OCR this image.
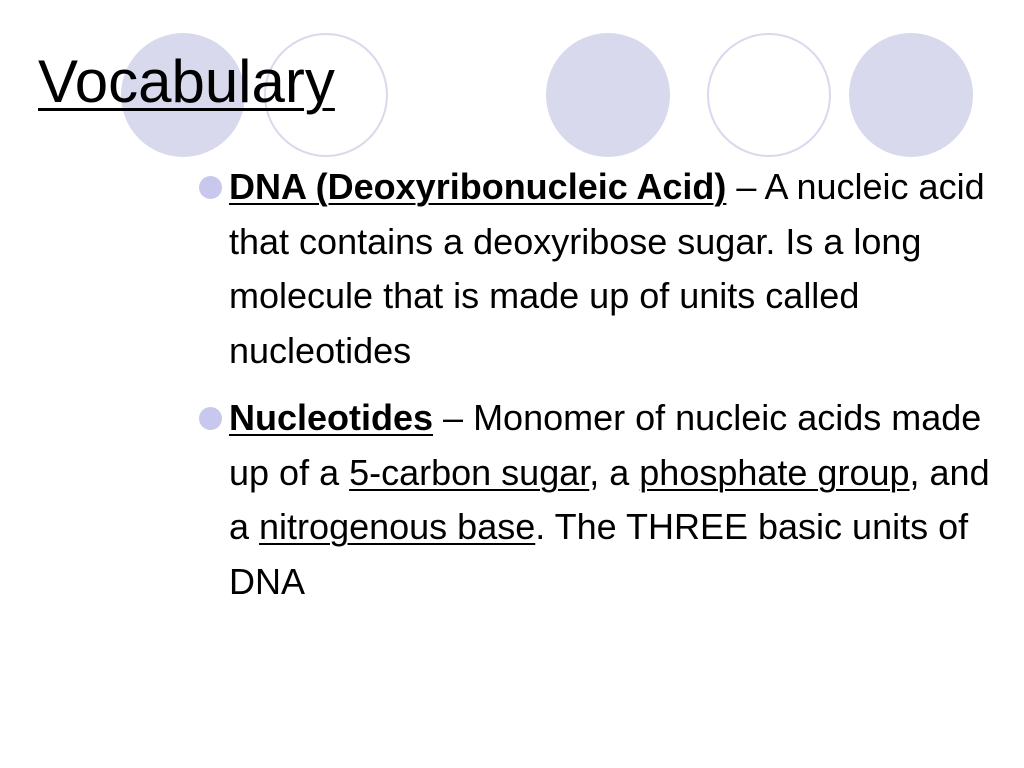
Vocabulary
DNA (Deoxyribonucleic Acid) – A nucleic acid that contains a deoxyribose sugar. Is a long molecule that is made up of units called nucleotides
Nucleotides – Monomer of nucleic acids made up of a 5-carbon sugar, a phosphate group, and a nitrogenous base. The THREE basic units of DNA
